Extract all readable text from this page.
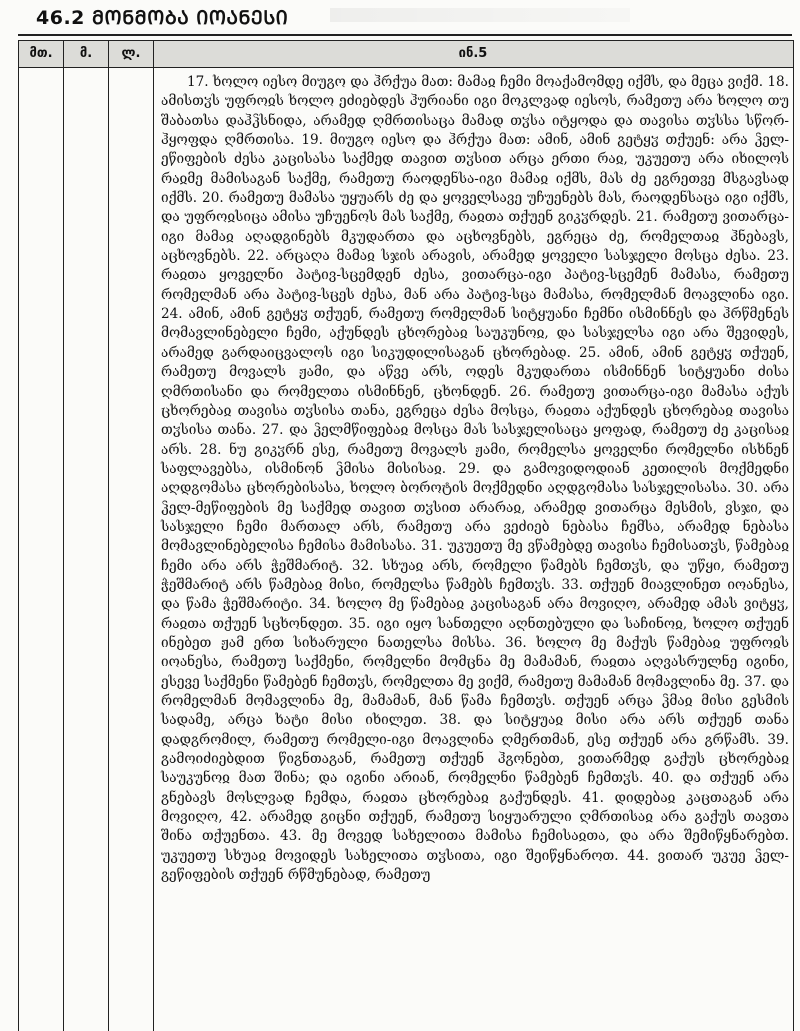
46.2 ᲛᲝᲜᲛᲝᲑᲐ ᲘᲝᲐᲜᲔᲡᲘ
მთ.	მ.	ლ.	ინ.5

17. ხოლო იესო მიუგო და ჰრქუა მათ: მამაჲ ჩემი მოაქამომდე იქმს, და მეცა ვიქმ. 18. ამისთჳს უფროჲს ხოლო ეძიებდეს ჰურიანი იგი მოკლვად იესოს, რამეთუ არა ხოლო თუ შაბათსა დაჰჴსნიდა, არამედ ღმრთისაცა მამად თჳსა იტყოდა და თავისა თჳსსა სწორ-ჰყოფდა ღმრთისა. 19. მიუგო იესო და ჰრქუა მათ: ამინ, ამინ გეტყჳ თქუენ: არა ჴელ-ეწიფების ძესა კაცისასა საქმედ თავით თჳსით არცა ერთი რაჲ, უკუეთუ არა იხილოს რაჲმე მამისაგან საქმე, რამეთუ რაოდენსა-იგი მამაჲ იქმს, მას ძე ეგრეთვე მსგავსად იქმს. 20. რამეთუ მამასა უყუარს ძე და ყოველსავე უჩუენებს მას, რაოდენსაცა იგი იქმს, და უფროჲსიცა ამისა უჩუენოს მას საქმე, რაჲთა თქუენ გიკჳრდეს. 21. რამეთუ ვითარცა-იგი მამაჲ აღადგინებს მკუდართა და აცხოვნებს, ეგრეცა ძე, რომელთაჲ ჰნებავს, აცხოვნებს. 22. არცაღა მამაჲ სჯის არავის, არამედ ყოველი სასჯელი მოსცა ძესა. 23. რაჲთა ყოველნი პატივ-სცემდენ ძესა, ვითარცა-იგი პატივ-სცემენ მამასა, რამეთუ რომელმან არა პატივ-სცეს ძესა, მან არა პატივ-სცა მამასა, რომელმან მოავლინა იგი. 24. ამინ, ამინ გეტყჳ თქუენ, რამეთუ რომელმან სიტყუანი ჩემნი ისმინნეს და ჰრწმენეს მომავლინებელი ჩემი, აქუნდეს ცხორებაჲ საუკუნოჲ, და სასჯელსა იგი არა შევიდეს, არამედ გარდაიცვალოს იგი სიკუდილისაგან ცხორებად. 25. ამინ, ამინ გეტყჳ თქუენ, რამეთუ მოვალს ჟამი, და აწვე არს, ოდეს მკუდართა ისმინნენ სიტყუანი ძისა ღმრთისანი და რომელთა ისმინნენ, ცხონდენ. 26. რამეთუ ვითარცა-იგი მამასა აქუს ცხორებაჲ თავისა თჳსისა თანა, ეგრეცა ძესა მოსცა, რაჲთა აქუნდეს ცხორებაჲ თავისა თჳსისა თანა. 27. და ჴელმწიფებაჲ მოსცა მას სასჯელისაცა ყოფად, რამეთუ ძე კაცისაჲ არს. 28. ნუ გიკჳრნ ესე, რამეთუ მოვალს ჟამი, რომელსა ყოველნი რომელნი ისხნენ საფლავებსა, ისმინონ ჴმისა მისისაჲ. 29. და გამოვიდოდიან კეთილის მოქმედნი აღდგომასა ცხორებისასა, ხოლო ბოროტის მოქმედნი აღდგომასა სასჯელისასა. 30. არა ჴელ-მეწიფების მე საქმედ თავით თჳსით არარაჲ, არამედ ვითარცა მესმის, ვსჯი, და სასჯელი ჩემი მართალ არს, რამეთუ არა ვეძიებ ნებასა ჩემსა, არამედ ნებასა მომავლინებელისა ჩემისა მამისასა. 31. უკუეთუ მე ვწამებდე თავისა ჩემისათჳს, წამებაჲ ჩემი არა არს ჭეშმარიტ. 32. სხუაჲ არს, რომელი წამებს ჩემთჳს, და უწყი, რამეთუ ჭეშმარიტ არს წამებაჲ მისი, რომელსა წამებს ჩემთჳს. 33. თქუენ მიავლინეთ იოანესა, და წამა ჭეშმარიტი. 34. ხოლო მე წამებაჲ კაცისაგან არა მოვიღო, არამედ ამას ვიტყჳ, რაჲთა თქუენ სცხონდეთ. 35. იგი იყო სანთელი აღნთებული და საჩინოჲ, ხოლო თქუენ ინებეთ ჟამ ერთ სიხარული ნათელსა მისსა. 36. ხოლო მე მაქუს წამებაჲ უფროჲს იოანესა, რამეთუ საქმენი, რომელნი მომცნა მე მამამან, რაჲთა აღვასრულნე იგინი, ესევე საქმენი წამებენ ჩემთჳს, რომელთა მე ვიქმ, რამეთუ მამამან მომავლინა მე. 37. და რომელმან მომავლინა მე, მამამან, მან წამა ჩემთჳს. თქუენ არცა ჴმაჲ მისი გესმის სადამე, არცა ხატი მისი იხილეთ. 38. და სიტყუაჲ მისი არა არს თქუენ თანა დადგრომილ, რამეთუ რომელი-იგი მოავლინა ღმერთმან, ესე თქუენ არა გრწამს. 39. გამოიძიებდით წიგნთაგან, რამეთუ თქუენ ჰგონებთ, ვითარმედ გაქუს ცხორებაჲ საუკუნოჲ მათ შინა; და იგინი არიან, რომელნი წამებენ ჩემთჳს. 40. და თქუენ არა გნებავს მოსლვად ჩემდა, რაჲთა ცხორებაჲ გაქუნდეს. 41. დიდებაჲ კაცთაგან არა მოვიღო, 42. არამედ გიცნი თქუენ, რამეთუ სიყუარული ღმრთისაჲ არა გაქუს თავთა შინა თქუენთა. 43. მე მოვედ სახელითა მამისა ჩემისაჲთა, და არა შემიწყნარებთ. უკუეთუ სხუაჲ მოვიდეს სახელითა თჳსითა, იგი შეიწყნაროთ. 44. ვითარ უკუე ჴელ-გეწიფების თქუენ რწმუნებად, რამეთუ
